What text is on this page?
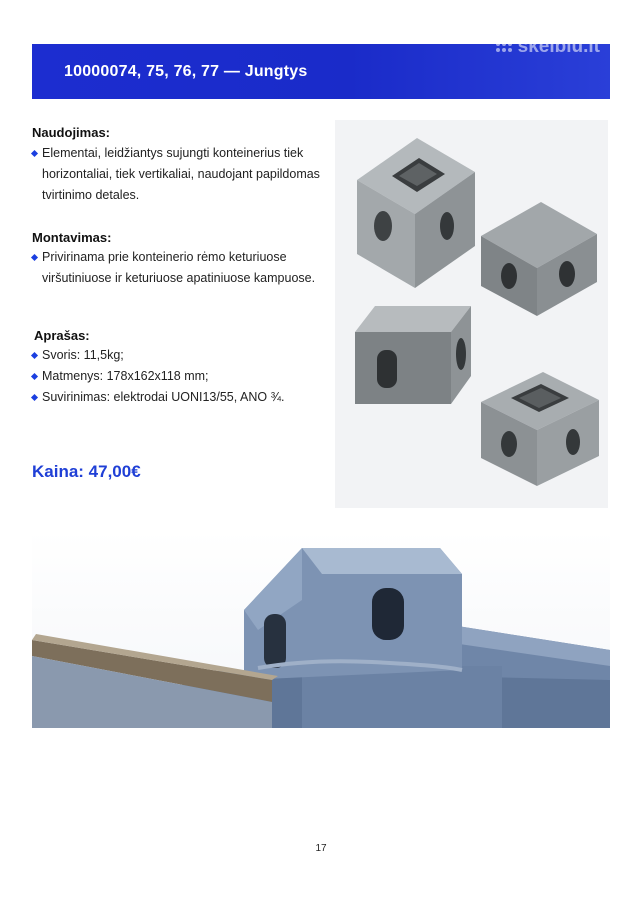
10000074, 75, 76, 77 — Jungtys
skelbiu.lt
Naudojimas:
Elementai, leidžiantys sujungti konteinerius tiek horizontaliai, tiek vertikaliai, naudojant papildomas tvirtinimo detales.
Montavimas:
Privirinama prie konteinerio rėmo keturiuose viršutiniuose ir keturiuose apatiniuose kampuose.
Aprašas:
Svoris: 11,5kg;
Matmenys: 178x162x118 mm;
Suvirinimas: elektrodai UONI13/55, ANO ¾.
Kaina: 47,00€
17
